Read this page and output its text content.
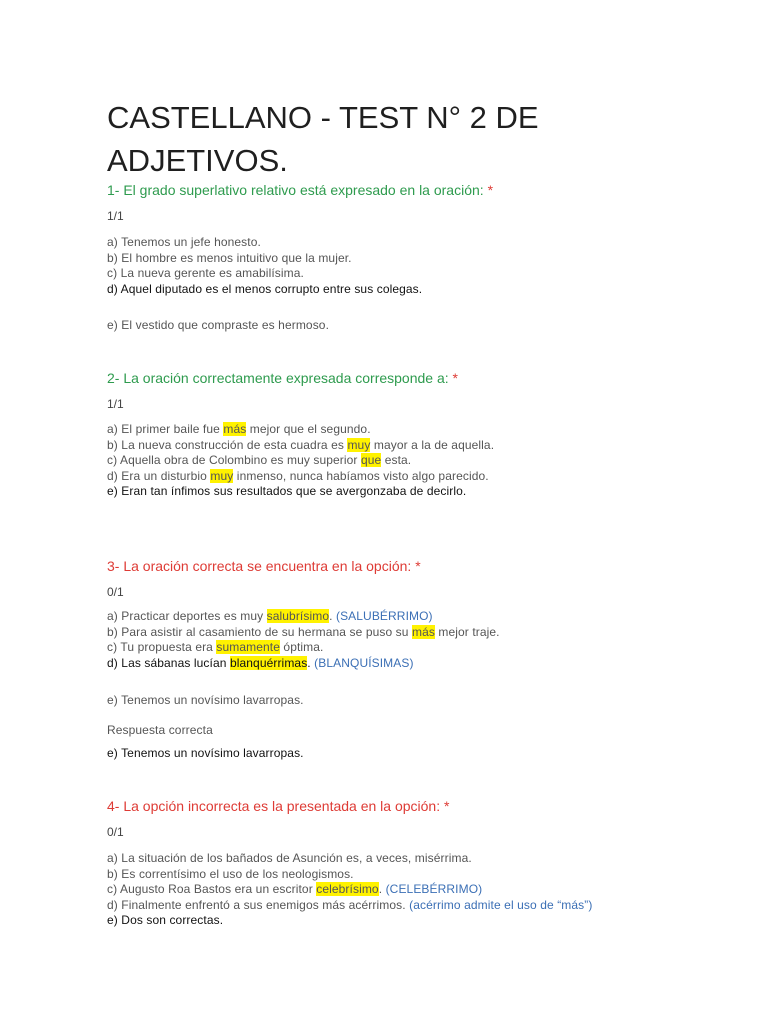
CASTELLANO - TEST N° 2 DE ADJETIVOS.

1- El grado superlativo relativo está expresado en la oración: *

1/1
a) Tenemos un jefe honesto.
b) El hombre es menos intuitivo que la mujer.
c) La nueva gerente es amabilísima.
d) Aquel diputado es el menos corrupto entre sus colegas.
e) El vestido que compraste es hermoso.

2- La oración correctamente expresada corresponde a: *

1/1
a) El primer baile fue más mejor que el segundo.
b) La nueva construcción de esta cuadra es muy mayor a la de aquella.
c) Aquella obra de Colombino es muy superior que esta.
d) Era un disturbio muy inmenso, nunca habíamos visto algo parecido.
e) Eran tan ínfimos sus resultados que se avergonzaba de decirlo.

3- La oración correcta se encuentra en la opción: *

0/1
a) Practicar deportes es muy salubrísimo. (SALUBÉRRIMO)
b) Para asistir al casamiento de su hermana se puso su más mejor traje.
c) Tu propuesta era sumamente óptima.
d) Las sábanas lucían blanquérrimas. (BLANQUÍSIMAS)
e) Tenemos un novísimo lavarropas.
Respuesta correcta
e) Tenemos un novísimo lavarropas.

4- La opción incorrecta es la presentada en la opción: *

0/1
a) La situación de los bañados de Asunción es, a veces, misérrima.
b) Es correntísimo el uso de los neologismos.
c) Augusto Roa Bastos era un escritor celebrísimo. (CELEBÉRRIMO)
d) Finalmente enfrentó a sus enemigos más acérrimos. (acérrimo admite el uso de “más”)
e) Dos son correctas.
